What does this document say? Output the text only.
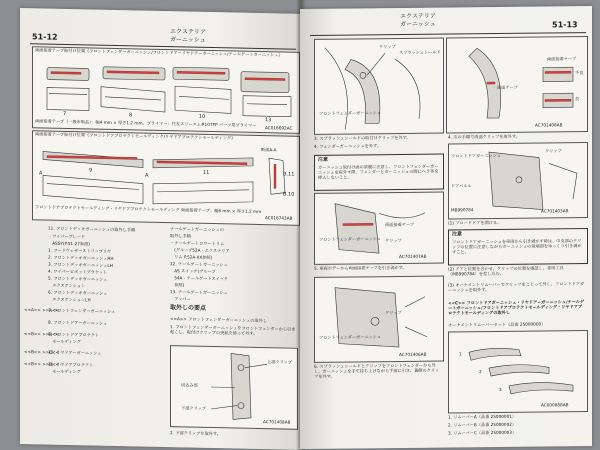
51-12
エクステリア
ガーニッシュ
両面接着テープ貼付け位置《フロントフェンダーガーニッシュ/フロントドアーリヤドアーガーニッシュ/テールゲートガーニッシュ》
7	8	10
13
両面接着テープ（一般市販品）：幅4 mm × 厚さ1.2 mm、プライマー：住友スリーエム#107PP パーツ用プライマー AC016692AC
両面接着テープ貼付け位置《フロントドアプロテクトモールディング/リヤドアプロテクトモールディング》
9	11	B.11
B.10
A	A
断面A-A
フロントドアプロテクトモールディング・リヤドアプロテクトモールディング 両面接着テープ：幅6 mm × 厚さ1.2 mm
AC016743AB
11. フロントデッキガーニッシュの取外し手順
・ワイパーブレード
　ASSY(P.51-27参照)
1. フードウェザーストリップリヤ
2. フロントデッキガーニッシュRH
3. フロントデッキガーニッシュLH
4. ワイパーピボットブラケット
5. フロントデッキガーニッシュ
　エクステンション
6. フロントデッキガーニッシュ
　エクステンションLH
7. フロントフェンダーガーニッシュ
8. フロントドアーガーニッシュ
9. フロントドアプロテクト
　モールディング
10. リヤドアーガーニッシュ
11. リヤドアプロテクト
　モールディング
<<A>> >>A<<
<<B>> >>B<<
<<B>> >>C<<
<<B>> >>B<<
テールゲートガーニッシュの
取外し手順
・テールゲートロワートリム
　(グループ52A - エクステリア
　リム P.52A-XX参照)
12. テールゲートガーニッシュ
　AS スイッチ(グループ
　54A - テールゲートスイッチ
　参照)
13. テールゲートガーニッシュ
　アッパー
取外しの要点
<<A>> フロントフェンダーガーニッシュの取外し
1. フロントフェンダーガーニッシュをフロントフェンダーから引き起こし、取付けクリップの突起を使って外す。
上部クリップ
下部クリップ
切込み部
AC701408AB
2. 下部クリップを取外す。
エクステリア
ガーニッシュ	51-13
クリップ
スプラッシュシールド
フロントフェンダーガーニッシュ
両面接着テープ
両面テープ
不良
良
AC701408AB
3. スプラッシュシールドの取付けクリップを外す。
4. フェンダーガーニッシュを外す。
注意
ガーニッシュ取付け面の塗膜に注意し、フロントフェンダーガーニッシュを取外す際、フェンダーとガーニッシュの間にヘラ等を挿入しないこと。
両面接着テープ
フロントフェンダーガーニッシュ クリップ
AC701407AB
5. 車両ボデーから両面接着テープを引き剥がす。
フロントフェンダーガーニッシュ
クリップ
AC701406AB
6. スプラッシュシールドとクリップをフロントフェンダーから外し、ガーニッシュを手で持ち上げながら手前に引き、裏側のクリップを外す。
4. 次の手順で両面クリップを取外す。
フロントドアガーニッシュ
クリップ
ドアパネル
MB990784	AC701403AB
(1) ブロードドアを開ける。
注意
フロントドアガーニッシュを車両から引き剥がす時は、中央部のクリップの位置に注意しながらガーニッシュの前端部をゆっくり引き剥がすこと。
(2) ドアと位置を合わせ、クリップの位置を確認し、専用工具（MB990784）を差し込む。
(3) オーナメントリムーバーでクリップをこじって外し、フロントドアガーニッシュを取外す。
<<C>> フロントドアガーニッシュ・リヤドアーガーニッシュ/テールゲートガーニッシュ/フロントドアプロテクトモールディング・リヤドアプロテクトモールディングの取外し
オーナメントリムーバーセット（品番 25000000）
1
2
3
AC000888AB
1. リムーバーA（品番 25000001）
2. リムーバーB（品番 25000002）
3. リムーバーC（品番 25000003）
